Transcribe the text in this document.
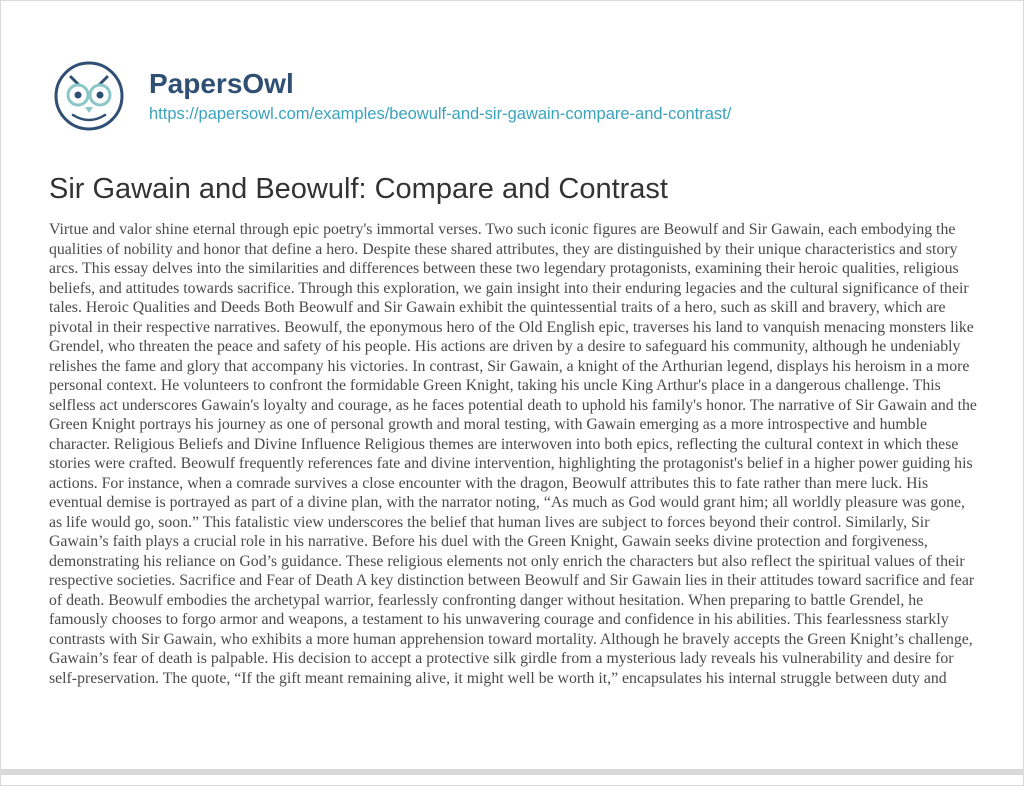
PapersOwl
https://papersowl.com/examples/beowulf-and-sir-gawain-compare-and-contrast/
Sir Gawain and Beowulf: Compare and Contrast

Virtue and valor shine eternal through epic poetry's immortal verses. Two such iconic figures are Beowulf and Sir Gawain, each embodying the qualities of nobility and honor that define a hero. Despite these shared attributes, they are distinguished by their unique characteristics and story arcs. This essay delves into the similarities and differences between these two legendary protagonists, examining their heroic qualities, religious beliefs, and attitudes towards sacrifice. Through this exploration, we gain insight into their enduring legacies and the cultural significance of their tales. Heroic Qualities and Deeds Both Beowulf and Sir Gawain exhibit the quintessential traits of a hero, such as skill and bravery, which are pivotal in their respective narratives. Beowulf, the eponymous hero of the Old English epic, traverses his land to vanquish menacing monsters like Grendel, who threaten the peace and safety of his people. His actions are driven by a desire to safeguard his community, although he undeniably relishes the fame and glory that accompany his victories. In contrast, Sir Gawain, a knight of the Arthurian legend, displays his heroism in a more personal context. He volunteers to confront the formidable Green Knight, taking his uncle King Arthur's place in a dangerous challenge. This selfless act underscores Gawain's loyalty and courage, as he faces potential death to uphold his family's honor. The narrative of Sir Gawain and the Green Knight portrays his journey as one of personal growth and moral testing, with Gawain emerging as a more introspective and humble character. Religious Beliefs and Divine Influence Religious themes are interwoven into both epics, reflecting the cultural context in which these stories were crafted. Beowulf frequently references fate and divine intervention, highlighting the protagonist's belief in a higher power guiding his actions. For instance, when a comrade survives a close encounter with the dragon, Beowulf attributes this to fate rather than mere luck. His eventual demise is portrayed as part of a divine plan, with the narrator noting, “As much as God would grant him; all worldly pleasure was gone, as life would go, soon.” This fatalistic view underscores the belief that human lives are subject to forces beyond their control. Similarly, Sir Gawain’s faith plays a crucial role in his narrative. Before his duel with the Green Knight, Gawain seeks divine protection and forgiveness, demonstrating his reliance on God’s guidance. These religious elements not only enrich the characters but also reflect the spiritual values of their respective societies. Sacrifice and Fear of Death A key distinction between Beowulf and Sir Gawain lies in their attitudes toward sacrifice and fear of death. Beowulf embodies the archetypal warrior, fearlessly confronting danger without hesitation. When preparing to battle Grendel, he famously chooses to forgo armor and weapons, a testament to his unwavering courage and confidence in his abilities. This fearlessness starkly contrasts with Sir Gawain, who exhibits a more human apprehension toward mortality. Although he bravely accepts the Green Knight’s challenge, Gawain’s fear of death is palpable. His decision to accept a protective silk girdle from a mysterious lady reveals his vulnerability and desire for self-preservation. The quote, “If the gift meant remaining alive, it might well be worth it,” encapsulates his internal struggle between duty and
